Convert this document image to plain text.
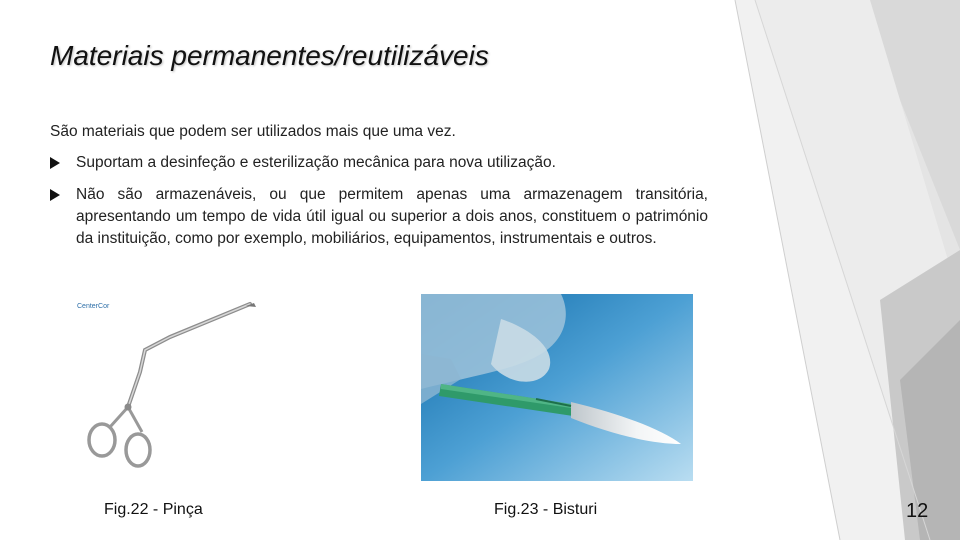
Materiais permanentes/reutilizáveis

São materiais que podem ser utilizados mais que uma vez.

Suportam a desinfeção e esterilização mecânica para nova utilização.
Não são armazenáveis, ou que permitem apenas uma armazenagem transitória, apresentando um tempo de vida útil igual ou superior a dois anos, constituem o património da instituição, como por exemplo, mobiliários, equipamentos, instrumentais e outros.
CenterCor
Fig.22 - Pinça	Fig.23 - Bisturi	12
